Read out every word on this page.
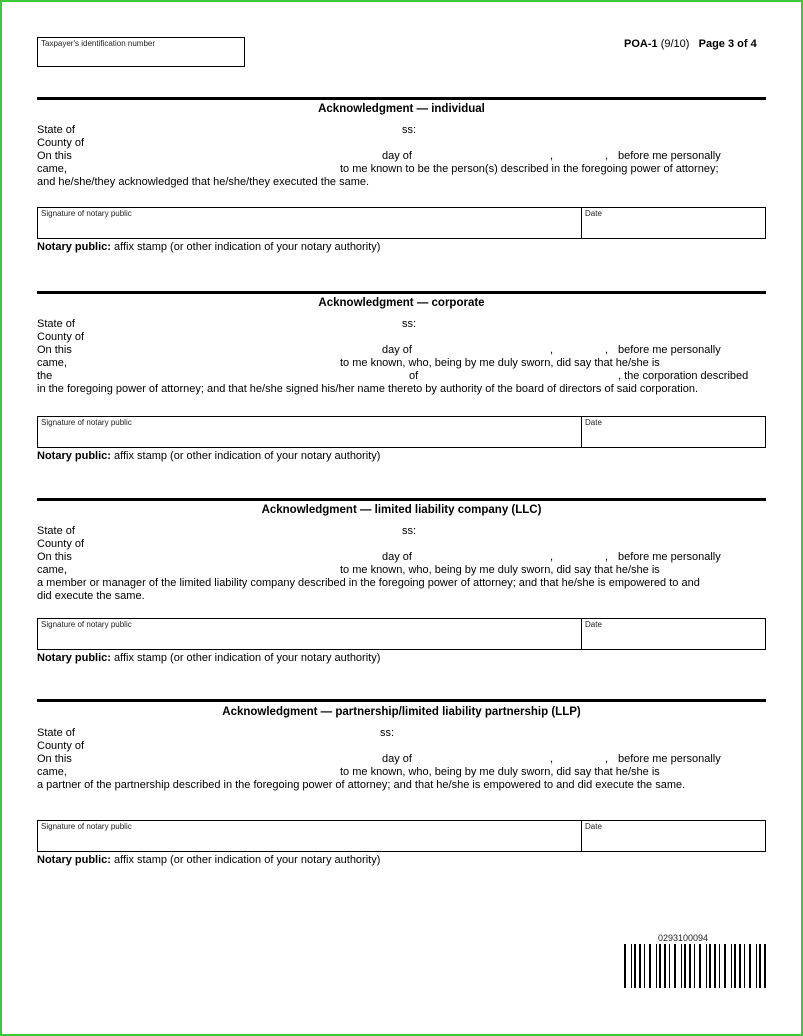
Taxpayer's identification number	POA-1 (9/10) Page 3 of 4
Acknowledgment — individual
State of	ss:
County of
On this	day of	,	, before me personally
came,	to me known to be the person(s) described in the foregoing power of attorney;
and he/she/they acknowledged that he/she/they executed the same.
Signature of notary public	Date
Notary public: affix stamp (or other indication of your notary authority)
Acknowledgment — corporate
State of	ss:
County of
On this	day of	,	, before me personally
came,	to me known, who, being by me duly sworn, did say that he/she is
the	of	, the corporation described
in the foregoing power of attorney; and that he/she signed his/her name thereto by authority of the board of directors of said corporation.
Signature of notary public	Date
Notary public: affix stamp (or other indication of your notary authority)
Acknowledgment — limited liability company (LLC)
State of	ss:
County of
On this	day of	,	, before me personally
came,	to me known, who, being by me duly sworn, did say that he/she is
a member or manager of the limited liability company described in the foregoing power of attorney; and that he/she is empowered to and
did execute the same.
Signature of notary public	Date
Notary public: affix stamp (or other indication of your notary authority)
Acknowledgment — partnership/limited liability partnership (LLP)
State of	ss:
County of
On this	day of	,	, before me personally
came,	to me known, who, being by me duly sworn, did say that he/she is
a partner of the partnership described in the foregoing power of attorney; and that he/she is empowered to and did execute the same.
Signature of notary public	Date
Notary public: affix stamp (or other indication of your notary authority)
0293100094
